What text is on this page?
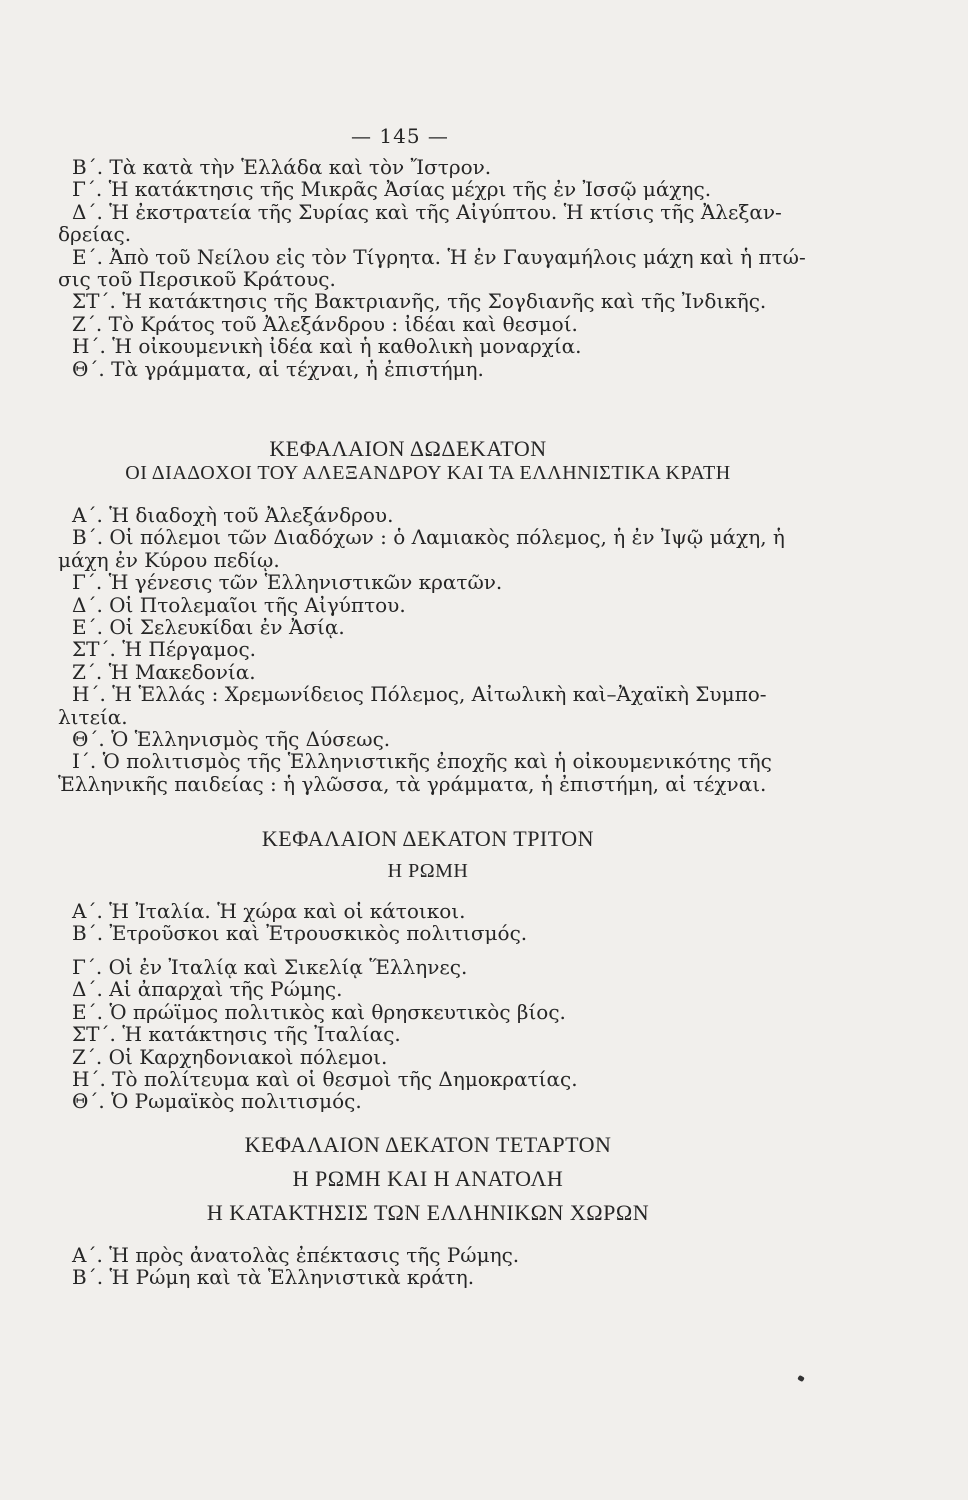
— 145 —
Β΄. Τὰ κατὰ τὴν Ἑλλάδα καὶ τὸν Ἴστρον.
Γ΄. Ἡ κατάκτησις τῆς Μικρᾶς Ἀσίας μέχρι τῆς ἐν Ἰσσῷ μάχης.
Δ΄. Ἡ ἐκστρατεία τῆς Συρίας καὶ τῆς Αἰγύπτου. Ἡ κτίσις τῆς Ἀλεξαν-
δρείας.
Ε΄. Ἀπὸ τοῦ Νείλου εἰς τὸν Τίγρητα. Ἡ ἐν Γαυγαμήλοις μάχη καὶ ἡ πτώ-
σις τοῦ Περσικοῦ Κράτους.
ΣΤ΄. Ἡ κατάκτησις τῆς Βακτριανῆς, τῆς Σογδιανῆς καὶ τῆς Ἰνδικῆς.
Ζ΄. Τὸ Κράτος τοῦ Ἀλεξάνδρου : ἰδέαι καὶ θεσμοί.
Η΄. Ἡ οἰκουμενικὴ ἰδέα καὶ ἡ καθολικὴ μοναρχία.
Θ΄. Τὰ γράμματα, αἱ τέχναι, ἡ ἐπιστήμη.
ΚΕΦΑΛΑΙΟΝ ΔΩΔΕΚΑΤΟΝ
ΟΙ ΔΙΑΔΟΧΟΙ ΤΟΥ ΑΛΕΞΑΝΔΡΟΥ ΚΑΙ ΤΑ ΕΛΛΗΝΙΣΤΙΚΑ ΚΡΑΤΗ
Α΄. Ἡ διαδοχὴ τοῦ Ἀλεξάνδρου.
Β΄. Οἱ πόλεμοι τῶν Διαδόχων : ὁ Λαμιακὸς πόλεμος, ἡ ἐν Ἰψῷ μάχη, ἡ
μάχη ἐν Κύρου πεδίῳ.
Γ΄. Ἡ γένεσις τῶν Ἑλληνιστικῶν κρατῶν.
Δ΄. Οἱ Πτολεμαῖοι τῆς Αἰγύπτου.
Ε΄. Οἱ Σελευκίδαι ἐν Ἀσίᾳ.
ΣΤ΄. Ἡ Πέργαμος.
Ζ΄. Ἡ Μακεδονία.
Η΄. Ἡ Ἑλλάς : Χρεμωνίδειος Πόλεμος, Αἰτωλικὴ καὶ–Ἀχαϊκὴ Συμπο-
λιτεία.
Θ΄. Ὁ Ἑλληνισμὸς τῆς Δύσεως.
Ι΄. Ὁ πολιτισμὸς τῆς Ἑλληνιστικῆς ἐποχῆς καὶ ἡ οἰκουμενικότης τῆς
Ἑλληνικῆς παιδείας : ἡ γλῶσσα, τὰ γράμματα, ἡ ἐπιστήμη, αἱ τέχναι.
ΚΕΦΑΛΑΙΟΝ ΔΕΚΑΤΟΝ ΤΡΙΤΟΝ
Η ΡΩΜΗ
Α΄. Ἡ Ἰταλία. Ἡ χώρα καὶ οἱ κάτοικοι.
Β΄. Ἐτροῦσκοι καὶ Ἐτρουσκικὸς πολιτισμός.
Γ΄. Οἱ ἐν Ἰταλίᾳ καὶ Σικελίᾳ Ἕλληνες.
Δ΄. Αἱ ἀπαρχαὶ τῆς Ρώμης.
Ε΄. Ὁ πρώϊμος πολιτικὸς καὶ θρησκευτικὸς βίος.
ΣΤ΄. Ἡ κατάκτησις τῆς Ἰταλίας.
Ζ΄. Οἱ Καρχηδονιακοὶ πόλεμοι.
Η΄. Τὸ πολίτευμα καὶ οἱ θεσμοὶ τῆς Δημοκρατίας.
Θ΄. Ὁ Ρωμαϊκὸς πολιτισμός.
ΚΕΦΑΛΑΙΟΝ ΔΕΚΑΤΟΝ ΤΕΤΑΡΤΟΝ
Η ΡΩΜΗ ΚΑΙ Η ΑΝΑΤΟΛΗ
Η ΚΑΤΑΚΤΗΣΙΣ ΤΩΝ ΕΛΛΗΝΙΚΩΝ ΧΩΡΩΝ
Α΄. Ἡ πρὸς ἀνατολὰς ἐπέκτασις τῆς Ρώμης.
Β΄. Ἡ Ρώμη καὶ τὰ Ἑλληνιστικὰ κράτη.
